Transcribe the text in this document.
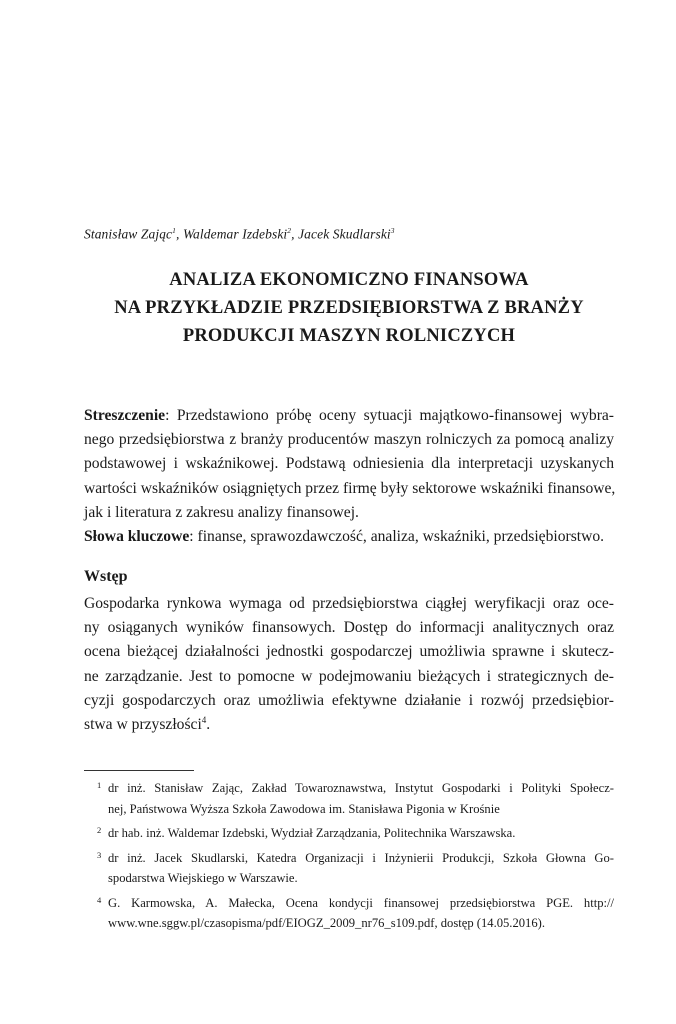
Stanisław Zając$^1$, Waldemar Izdebski$^2$, Jacek Skudlarski$^3$
ANALIZA EKONOMICZNO FINANSOWA
NA PRZYKŁADZIE PRZEDSIĘBIORSTWA Z BRANŻY
PRODUKCJI MASZYN ROLNICZYCH
Streszczenie: Przedstawiono próbę oceny sytuacji majątkowo-finansowej wybra-
nego przedsiębiorstwa z branży producentów maszyn rolniczych za pomocą analizy
podstawowej i wskaźnikowej. Podstawą odniesienia dla interpretacji uzyskanych
wartości wskaźników osiągniętych przez firmę były sektorowe wskaźniki finansowe,
jak i literatura z zakresu analizy finansowej.
Słowa kluczowe: finanse, sprawozdawczość, analiza, wskaźniki, przedsiębiorstwo.
Wstęp
Gospodarka rynkowa wymaga od przedsiębiorstwa ciągłej weryfikacji oraz oce-
ny osiąganych wyników finansowych. Dostęp do informacji analitycznych oraz
ocena bieżącej działalności jednostki gospodarczej umożliwia sprawne i skutecz-
ne zarządzanie. Jest to pomocne w podejmowaniu bieżących i strategicznych de-
cyzji gospodarczych oraz umożliwia efektywne działanie i rozwój przedsiębior-
stwa w przyszłości$^4$.
1 dr inż. Stanisław Zając, Zakład Towaroznawstwa, Instytut Gospodarki i Polityki Społecz-
nej, Państwowa Wyższa Szkoła Zawodowa im. Stanisława Pigonia w Krośnie
2 dr hab. inż. Waldemar Izdebski, Wydział Zarządzania, Politechnika Warszawska.
3 dr inż. Jacek Skudlarski, Katedra Organizacji i Inżynierii Produkcji, Szkoła Głowna Go-
spodarstwa Wiejskiego w Warszawie.
4 G. Karmowska, A. Małecka, Ocena kondycji finansowej przedsiębiorstwa PGE. http://
www.wne.sggw.pl/czasopisma/pdf/EIOGZ_2009_nr76_s109.pdf, dostęp (14.05.2016).
